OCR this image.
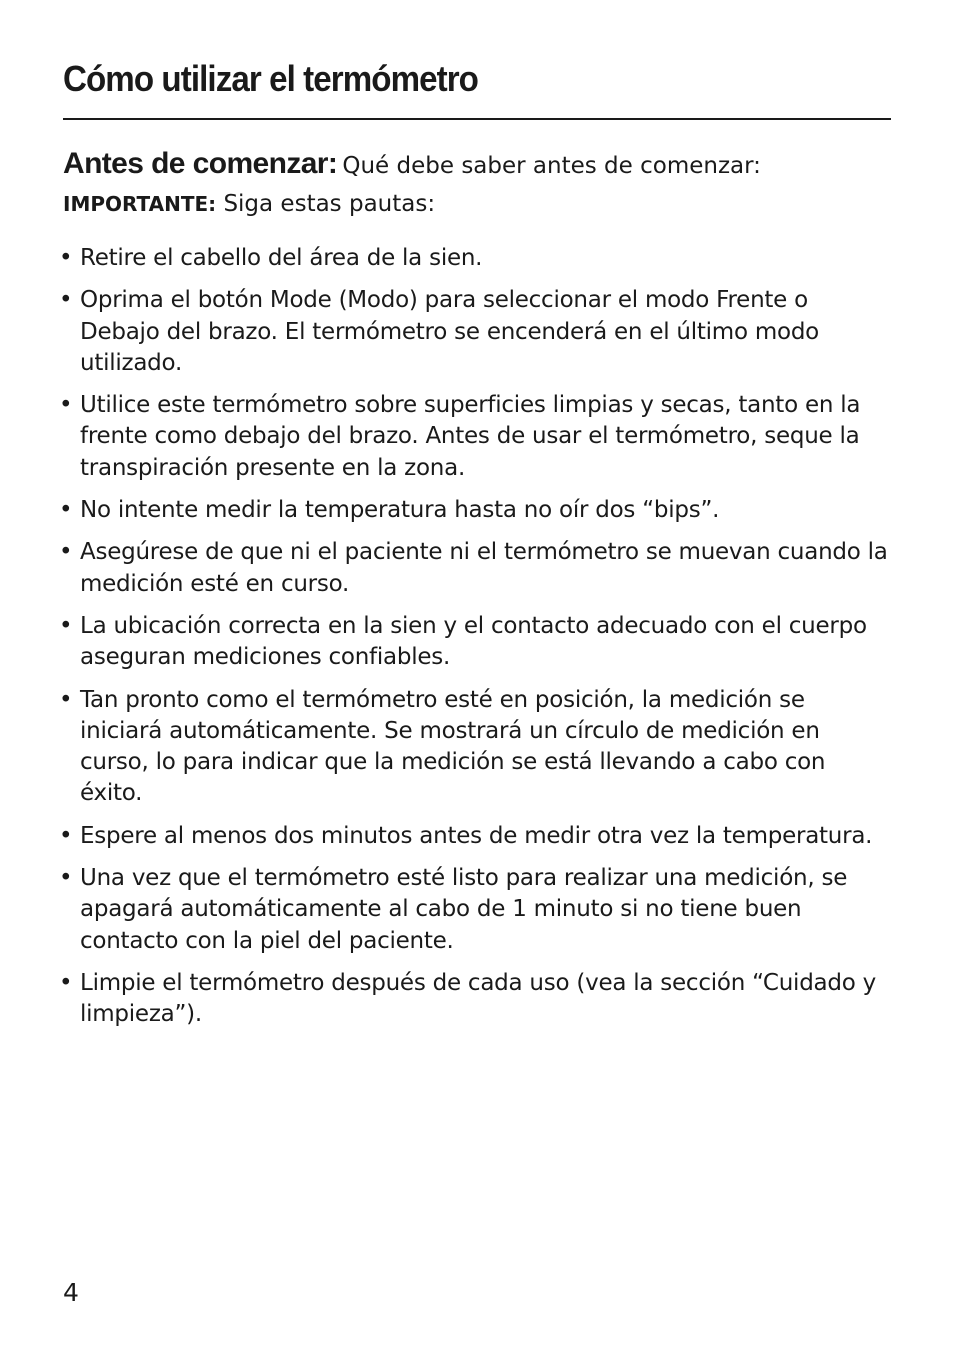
Cómo utilizar el termómetro
Antes de comenzar: Qué debe saber antes de comenzar:
IMPORTANTE: Siga estas pautas:
• Retire el cabello del área de la sien.
• Oprima el botón Mode (Modo) para seleccionar el modo Frente o Debajo del brazo. El termómetro se encenderá en el último modo utilizado.
• Utilice este termómetro sobre superficies limpias y secas, tanto en la frente como debajo del brazo. Antes de usar el termómetro, seque la transpiración presente en la zona.
• No intente medir la temperatura hasta no oír dos “bips”.
• Asegúrese de que ni el paciente ni el termómetro se muevan cuando la medición esté en curso.
• La ubicación correcta en la sien y el contacto adecuado con el cuerpo aseguran mediciones confiables.
• Tan pronto como el termómetro esté en posición, la medición se iniciará automáticamente. Se mostrará un círculo de medición en curso, lo para indicar que la medición se está llevando a cabo con éxito.
• Espere al menos dos minutos antes de medir otra vez la temperatura.
• Una vez que el termómetro esté listo para realizar una medición, se apagará automáticamente al cabo de 1 minuto si no tiene buen contacto con la piel del paciente.
• Limpie el termómetro después de cada uso (vea la sección “Cuidado y limpieza”).
4
